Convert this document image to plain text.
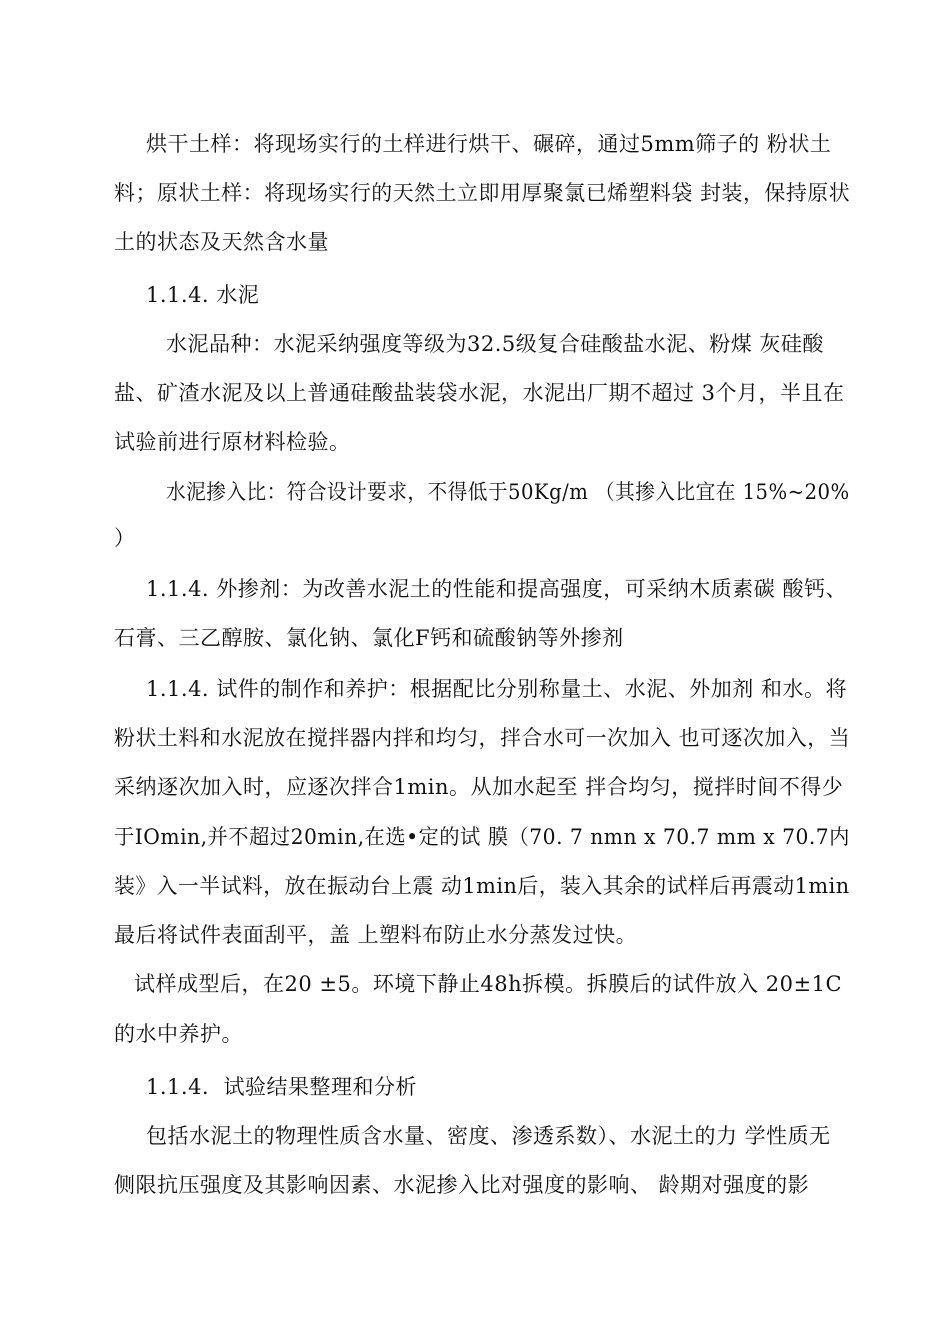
烘干土样：将现场实行的土样进行烘干、碾碎，通过5mm筛子的 粉状土
料；原状土样：将现场实行的天然土立即用厚聚氯已烯塑料袋 封装，保持原状
土的状态及天然含水量
1.1.4. 水泥
水泥品种：水泥采纳强度等级为32.5级复合硅酸盐水泥、粉煤 灰硅酸
盐、矿渣水泥及以上普通硅酸盐装袋水泥，水泥出厂期不超过 3个月，半且在
试验前进行原材料检验。
水泥掺入比：符合设计要求，不得低于50Kg/m （其掺入比宜在 15%~20%
）
1.1.4. 外掺剂：为改善水泥土的性能和提高强度，可采纳木质素碳 酸钙、
石膏、三乙醇胺、氯化钠、氯化F钙和硫酸钠等外掺剂
1.1.4. 试件的制作和养护：根据配比分别称量土、水泥、外加剂 和水。将
粉状土料和水泥放在搅拌器内拌和均匀，拌合水可一次加入 也可逐次加入，当
采纳逐次加入时，应逐次拌合1min。从加水起至 拌合均匀，搅拌时间不得少
于IOmin,并不超过20min,在选•定的试 膜（70. 7 nmn x 70.7 mm x 70.7内
装》入一半试料，放在振动台上震 动1min后，装入其余的试样后再震动1min
最后将试件表面刮平，盖 上塑料布防止水分蒸发过快。
试样成型后，在20 ±5。环境下静止48h拆模。拆膜后的试件放入 20±1C
的水中养护。
1.1.4.  试验结果整理和分析
包括水泥土的物理性质含水量、密度、渗透系数）、水泥土的力 学性质无
侧限抗压强度及其影响因素、水泥掺入比对强度的影响、 龄期对强度的影
